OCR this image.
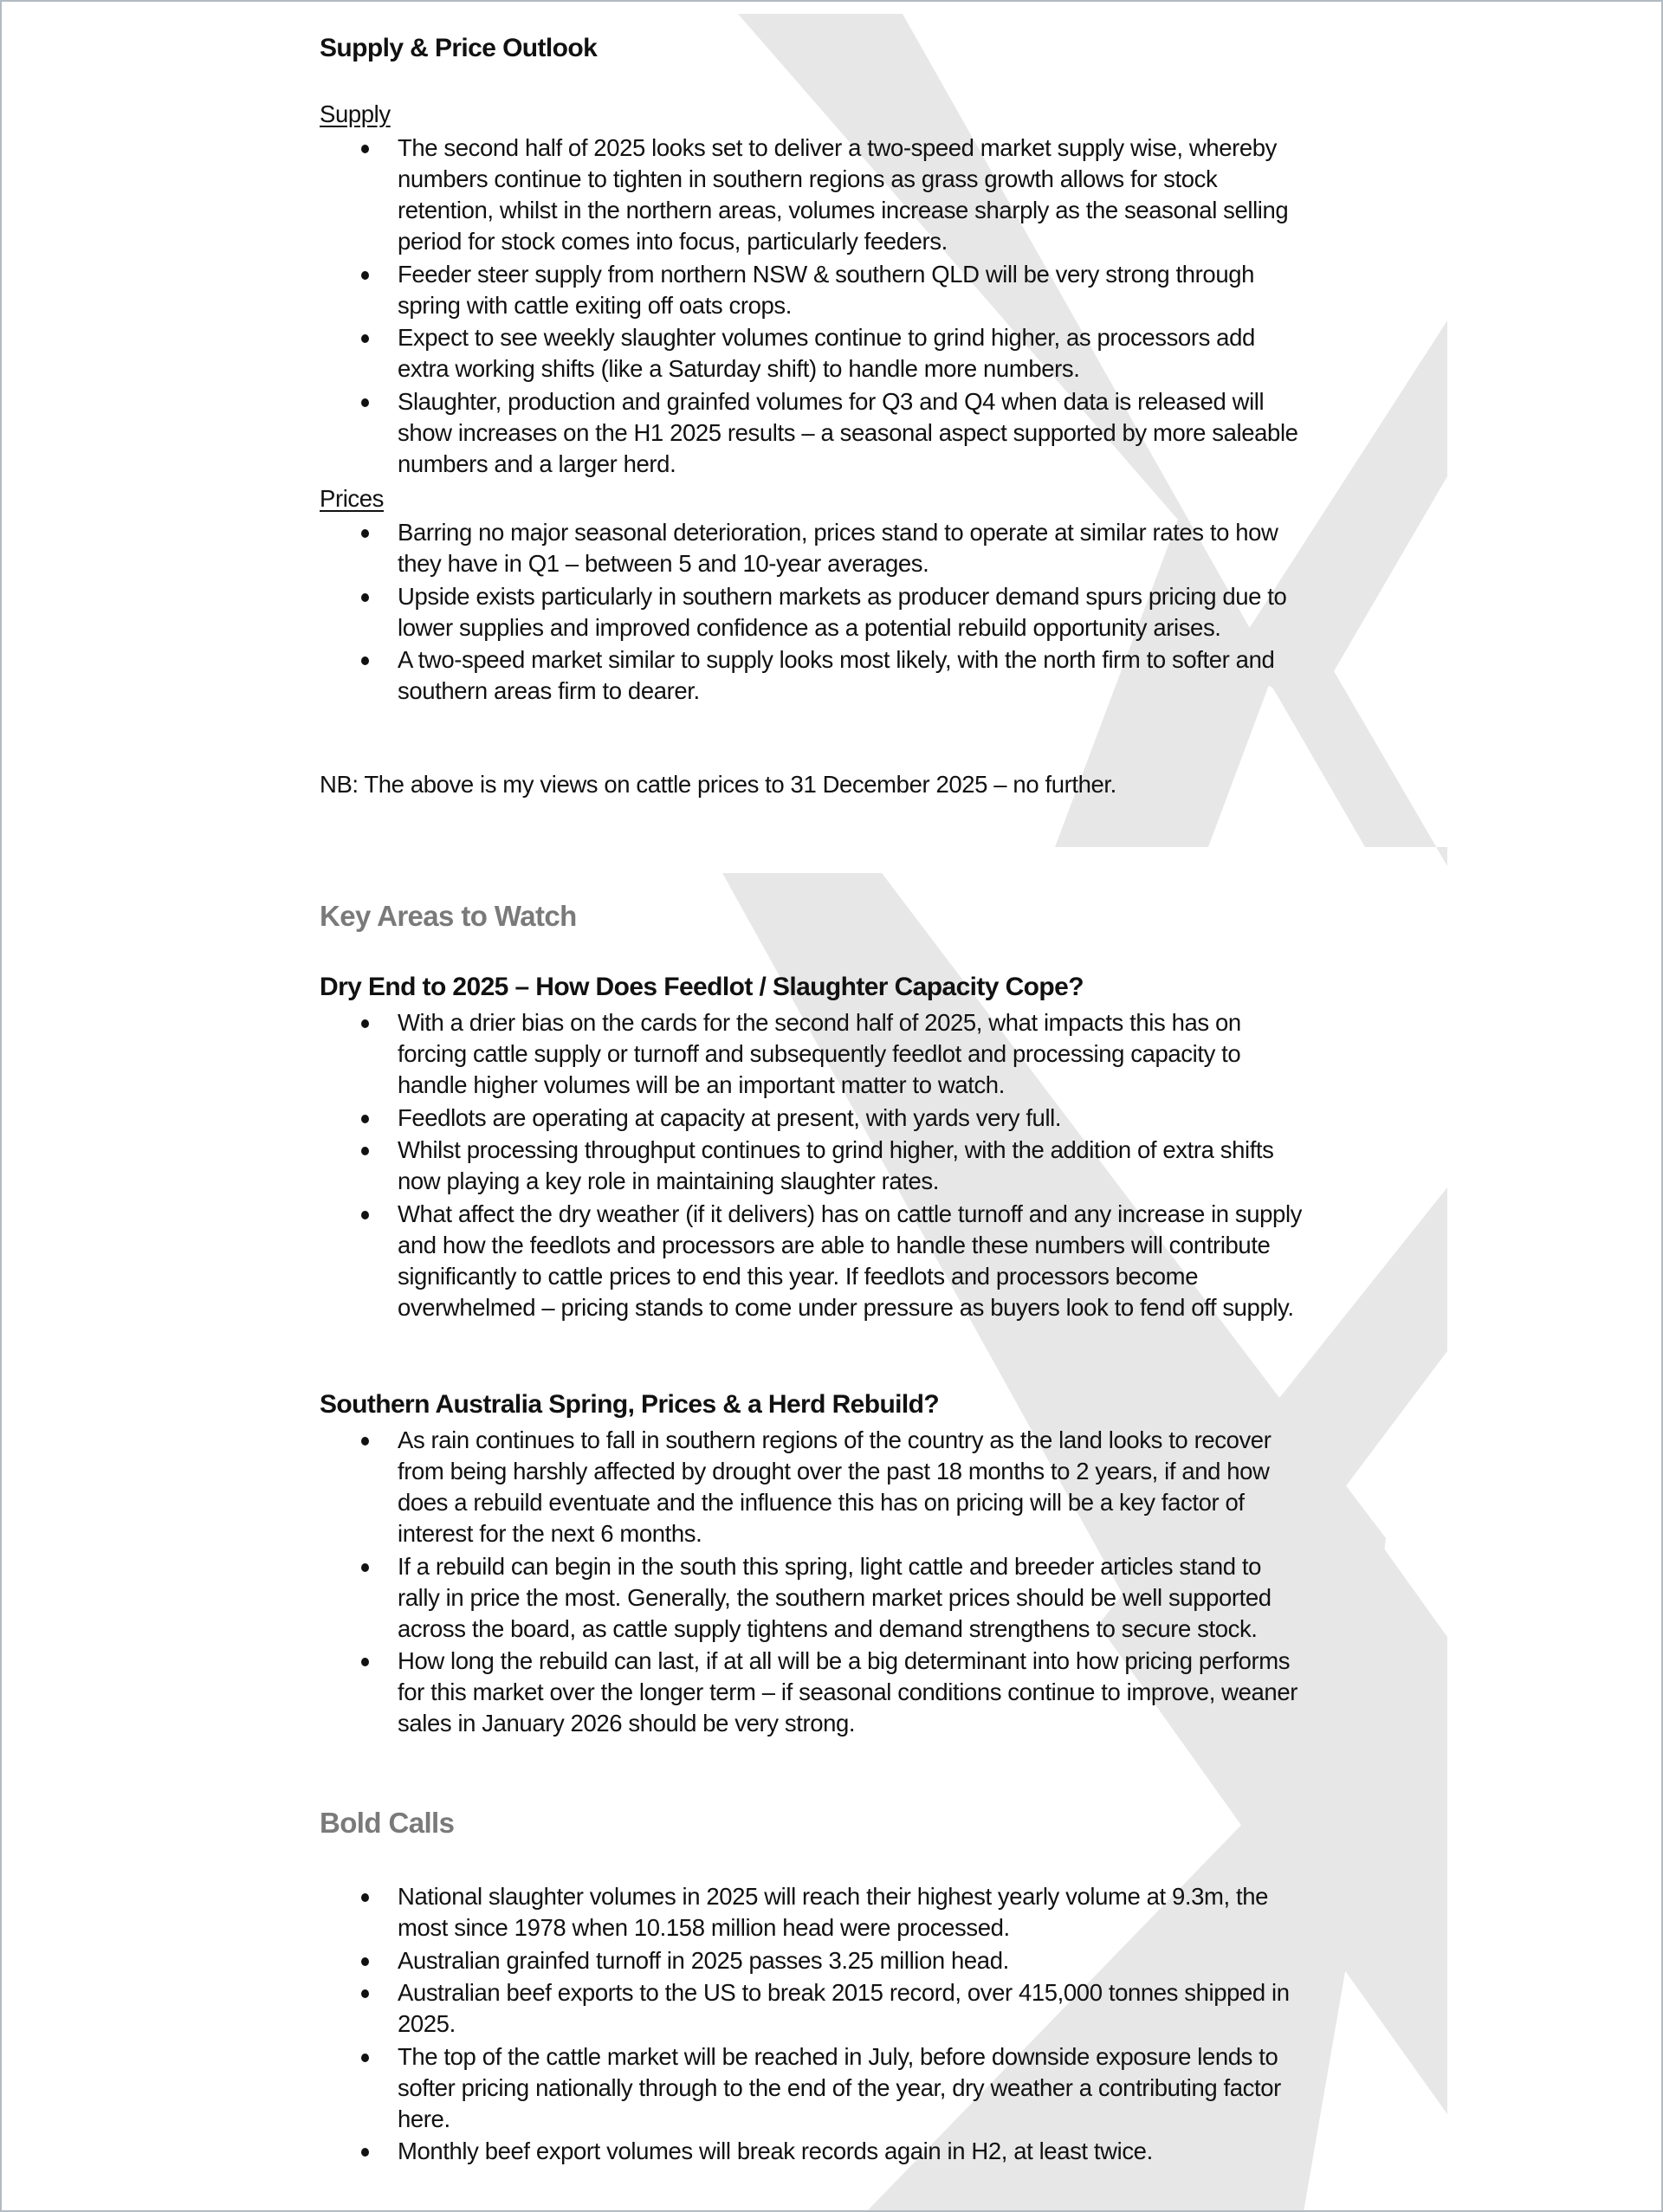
Supply & Price Outlook
Supply
The second half of 2025 looks set to deliver a two-speed market supply wise, whereby numbers continue to tighten in southern regions as grass growth allows for stock retention, whilst in the northern areas, volumes increase sharply as the seasonal selling period for stock comes into focus, particularly feeders.
Feeder steer supply from northern NSW & southern QLD will be very strong through spring with cattle exiting off oats crops.
Expect to see weekly slaughter volumes continue to grind higher, as processors add extra working shifts (like a Saturday shift) to handle more numbers.
Slaughter, production and grainfed volumes for Q3 and Q4 when data is released will show increases on the H1 2025 results – a seasonal aspect supported by more saleable numbers and a larger herd.
Prices
Barring no major seasonal deterioration, prices stand to operate at similar rates to how they have in Q1 – between 5 and 10-year averages.
Upside exists particularly in southern markets as producer demand spurs pricing due to lower supplies and improved confidence as a potential rebuild opportunity arises.
A two-speed market similar to supply looks most likely, with the north firm to softer and southern areas firm to dearer.
NB: The above is my views on cattle prices to 31 December 2025 – no further.
Key Areas to Watch
Dry End to 2025 – How Does Feedlot / Slaughter Capacity Cope?
With a drier bias on the cards for the second half of 2025, what impacts this has on forcing cattle supply or turnoff and subsequently feedlot and processing capacity to handle higher volumes will be an important matter to watch.
Feedlots are operating at capacity at present, with yards very full.
Whilst processing throughput continues to grind higher, with the addition of extra shifts now playing a key role in maintaining slaughter rates.
What affect the dry weather (if it delivers) has on cattle turnoff and any increase in supply and how the feedlots and processors are able to handle these numbers will contribute significantly to cattle prices to end this year. If feedlots and processors become overwhelmed – pricing stands to come under pressure as buyers look to fend off supply.
Southern Australia Spring, Prices & a Herd Rebuild?
As rain continues to fall in southern regions of the country as the land looks to recover from being harshly affected by drought over the past 18 months to 2 years, if and how does a rebuild eventuate and the influence this has on pricing will be a key factor of interest for the next 6 months.
If a rebuild can begin in the south this spring, light cattle and breeder articles stand to rally in price the most. Generally, the southern market prices should be well supported across the board, as cattle supply tightens and demand strengthens to secure stock.
How long the rebuild can last, if at all will be a big determinant into how pricing performs for this market over the longer term – if seasonal conditions continue to improve, weaner sales in January 2026 should be very strong.
Bold Calls
National slaughter volumes in 2025 will reach their highest yearly volume at 9.3m, the most since 1978 when 10.158 million head were processed.
Australian grainfed turnoff in 2025 passes 3.25 million head.
Australian beef exports to the US to break 2015 record, over 415,000 tonnes shipped in 2025.
The top of the cattle market will be reached in July, before downside exposure lends to softer pricing nationally through to the end of the year, dry weather a contributing factor here.
Monthly beef export volumes will break records again in H2, at least twice.
